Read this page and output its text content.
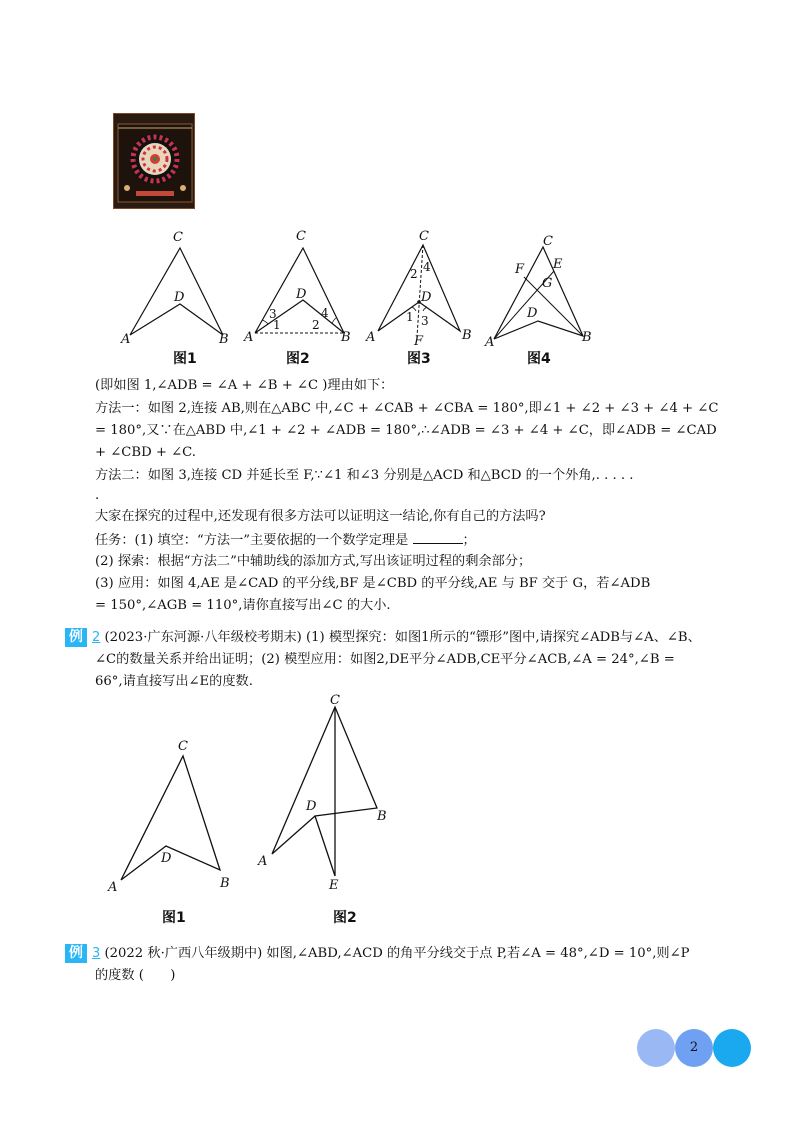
C
D
A	B
C
D
A	B
3
1
4
2
C
D
A	B
F
2 4
1 3
C
E
F
G
D
A	B
图1	图2	图3	图4
(即如图 1,∠ADB = ∠A + ∠B + ∠C )理由如下：
方法一：如图 2,连接 AB,则在△ABC 中,∠C + ∠CAB + ∠CBA = 180°,即∠1 + ∠2 + ∠3 + ∠4 + ∠C
= 180°,又∵在△ABD 中,∠1 + ∠2 + ∠ADB = 180°,∴∠ADB = ∠3 + ∠4 + ∠C，即∠ADB = ∠CAD
+ ∠CBD + ∠C.
方法二：如图 3,连接 CD 并延长至 F,∵∠1 和∠3 分别是△ACD 和△BCD 的一个外角,. . . . .
.
大家在探究的过程中,还发现有很多方法可以证明这一结论,你有自己的方法吗?
任务：(1) 填空：“方法一”主要依据的一个数学定理是	；
(2) 探索：根据“方法二”中辅助线的添加方式,写出该证明过程的剩余部分；
(3) 应用：如图 4,AE 是∠CAD 的平分线,BF 是∠CBD 的平分线,AE 与 BF 交于 G，若∠ADB
= 150°,∠AGB = 110°,请你直接写出∠C 的大小.
例 2 (2023·广东河源·八年级校考期末) (1) 模型探究：如图1所示的“镖形”图中,请探究∠ADB与∠A、∠B、
∠C的数量关系并给出证明；(2) 模型应用：如图2,DE平分∠ADB,CE平分∠ACB,∠A = 24°,∠B =
66°,请直接写出∠E的度数.
C
D
A	B
C
D
B
A
E
图1	图2
例 3 (2022 秋·广西八年级期中) 如图,∠ABD,∠ACD 的角平分线交于点 P,若∠A = 48°,∠D = 10°,则∠P
的度数 (　　)
2
